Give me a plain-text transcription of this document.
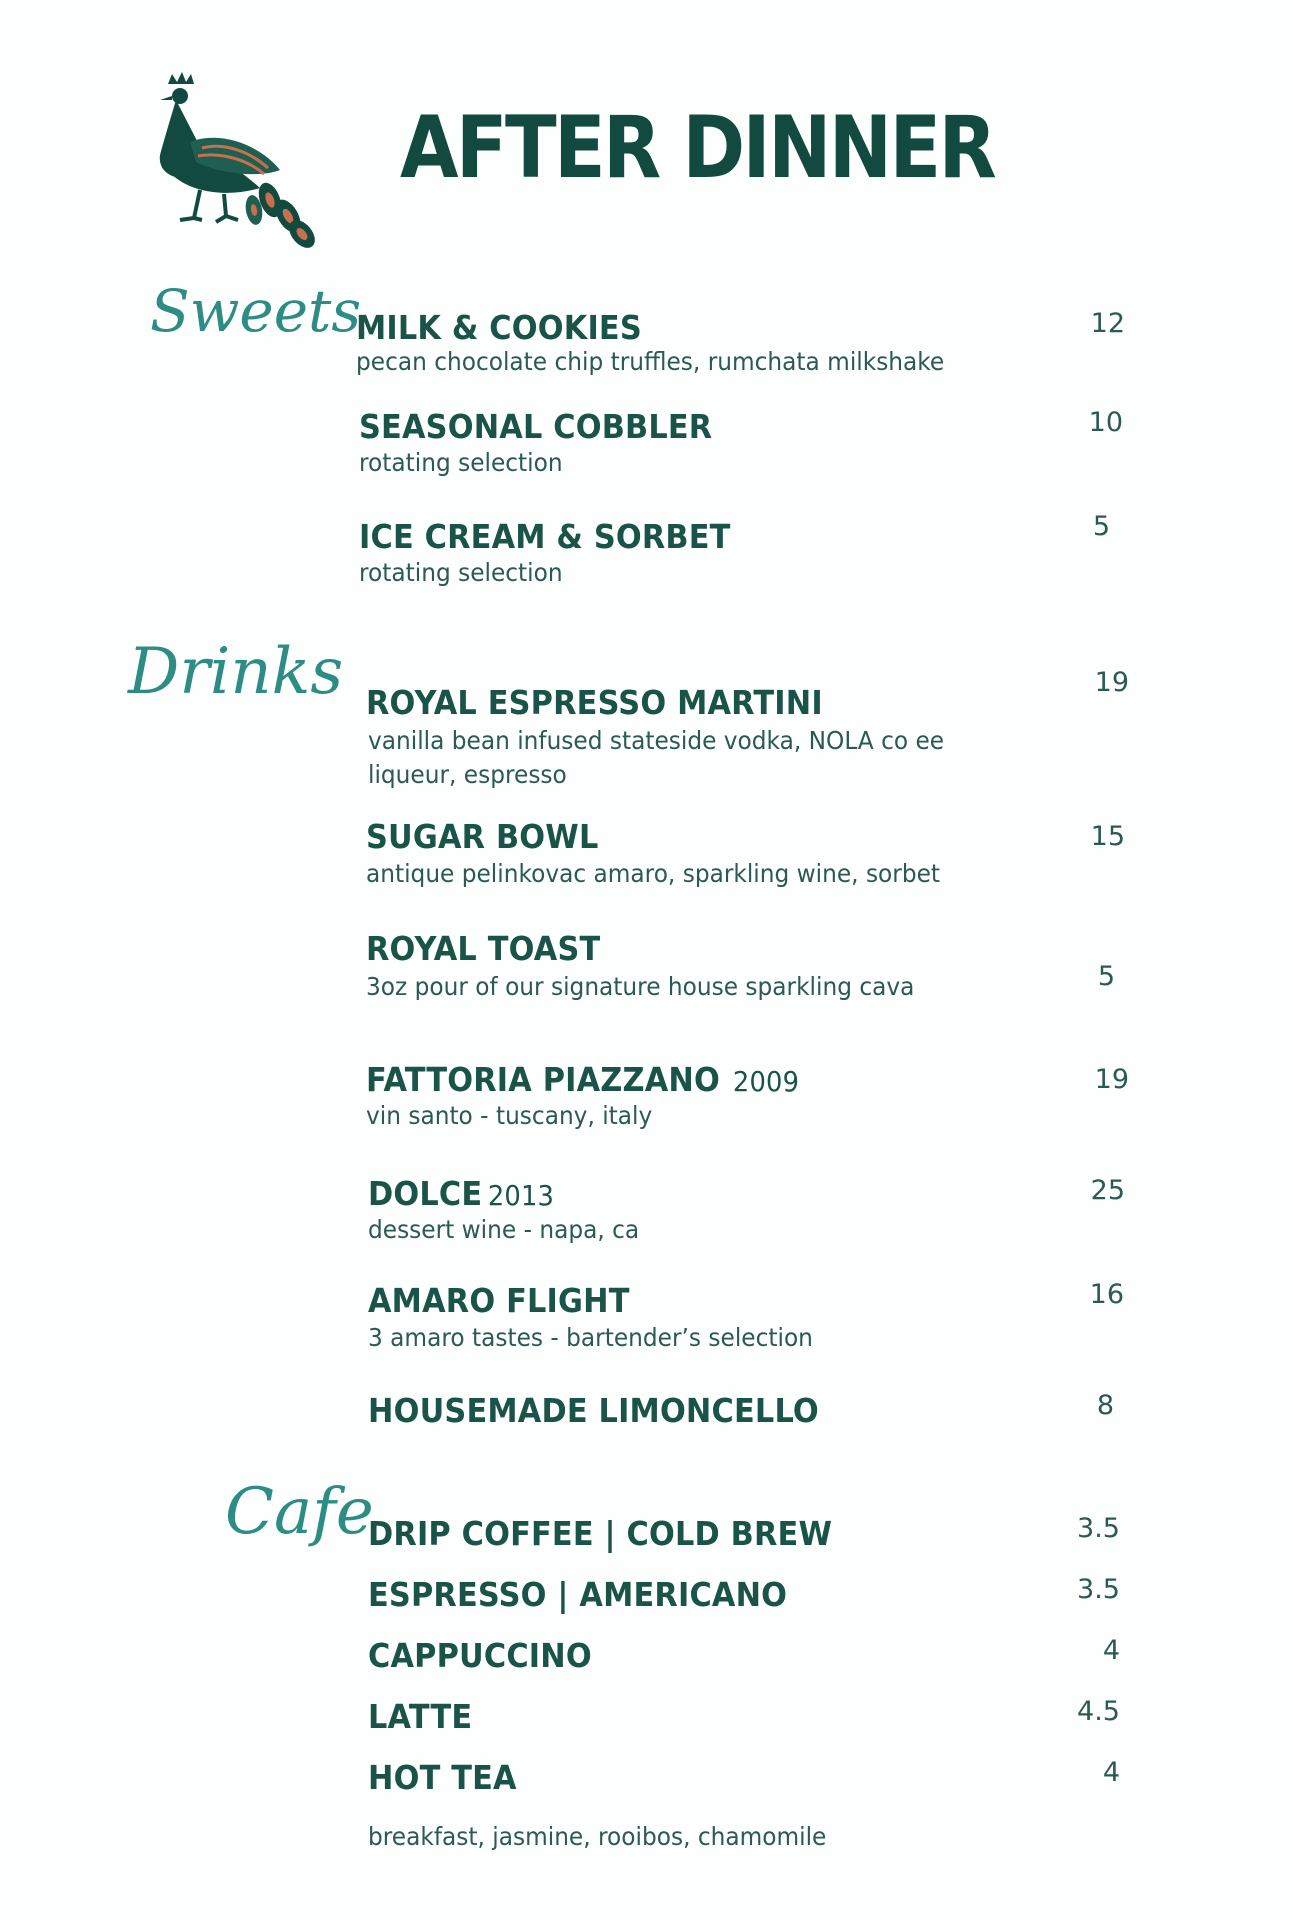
AFTER DINNER
Sweets
Drinks
Cafe
MILK & COOKIES
pecan chocolate chip truffles, rumchata milkshake
12
SEASONAL COBBLER
rotating selection
10
ICE CREAM & SORBET
rotating selection
5
ROYAL ESPRESSO MARTINI
vanilla bean infused stateside vodka, NOLA co ee liqueur, espresso
19
SUGAR BOWL
antique pelinkovac amaro, sparkling wine, sorbet
15
ROYAL TOAST
3oz pour of our signature house sparkling cava	5
FATTORIA PIAZZANO 2009
vin santo - tuscany, italy
19
DOLCE 2013
dessert wine - napa, ca
25
AMARO FLIGHT
3 amaro tastes - bartender’s selection
16
HOUSEMADE LIMONCELLO	8
DRIP COFFEE | COLD BREW	3.5
ESPRESSO | AMERICANO	3.5
CAPPUCCINO	4
LATTE	4.5
HOT TEA	4
breakfast, jasmine, rooibos, chamomile
